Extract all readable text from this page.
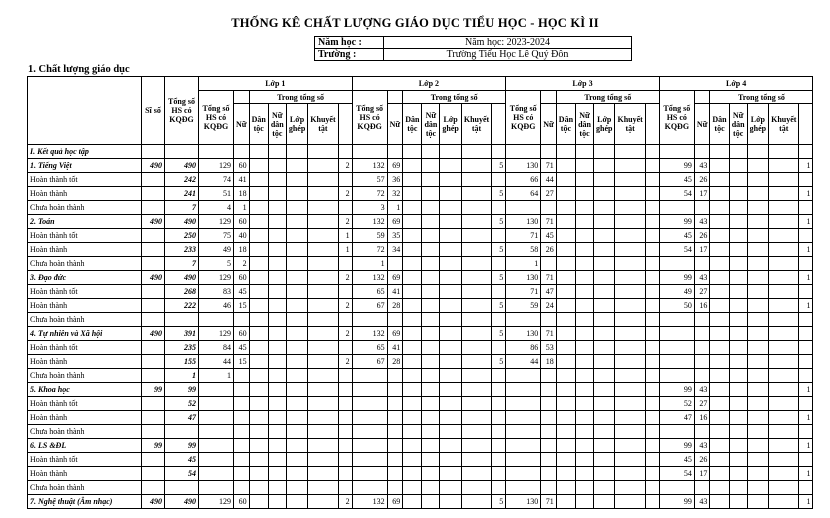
THỐNG KÊ CHẤT LƯỢNG GIÁO DỤC TIỂU HỌC - HỌC KÌ II
Năm học :	Năm học: 2023-2024
Trường :	Trường Tiểu Học Lê Quý Đôn
1. Chất lượng giáo dục
	Sĩ số	Tổng số HS có KQĐG	Lớp 1							Lớp 2							Lớp 3							Lớp 4						
			Tổng số HS có KQĐG		Trong tổng số					Tổng số HS có KQĐG		Trong tổng số					Tổng số HS có KQĐG		Trong tổng số					Tổng số HS có KQĐG		Trong tổng số				
				Nữ	Dân tộc	Nữ dân tộc	Lớp ghép	Khuyết tật			Nữ	Dân tộc	Nữ dân tộc	Lớp ghép	Khuyết tật			Nữ	Dân tộc	Nữ dân tộc	Lớp ghép	Khuyết tật			Nữ	Dân tộc	Nữ dân tộc	Lớp ghép	Khuyết tật	
I. Kết quả học tập																														
1. Tiếng Việt	490	490	129	60					2	132	69					5	130	71						99	43					1
Hoàn thành tốt		242	74	41						57	36						66	44						45	26					
Hoàn thành		241	51	18					2	72	32					5	64	27						54	17					1
Chưa hoàn thành		7	4	1						3	1																			
2. Toán	490	490	129	60					2	132	69					5	130	71						99	43					1
Hoàn thành tốt		250	75	40					1	59	35						71	45						45	26					
Hoàn thành		233	49	18					1	72	34					5	58	26						54	17					1
Chưa hoàn thành		7	5	2						1							1													
3. Đạo đức	490	490	129	60					2	132	69					5	130	71						99	43					1
Hoàn thành tốt		268	83	45						65	41						71	47						49	27					
Hoàn thành		222	46	15					2	67	28					5	59	24						50	16					1
Chưa hoàn thành																														
4. Tự nhiên và Xã hội	490	391	129	60					2	132	69					5	130	71												
Hoàn thành tốt		235	84	45						65	41						86	53												
Hoàn thành		155	44	15					2	67	28					5	44	18												
Chưa hoàn thành		1	1																											
5. Khoa học	99	99																						99	43					1
Hoàn thành tốt		52																						52	27					
Hoàn thành		47																						47	16					1
Chưa hoàn thành																														
6. LS &ĐL	99	99																						99	43					1
Hoàn thành tốt		45																						45	26					
Hoàn thành		54																						54	17					1
Chưa hoàn thành																														
7. Nghệ thuật (Âm nhạc)	490	490	129	60					2	132	69					5	130	71						99	43					1
